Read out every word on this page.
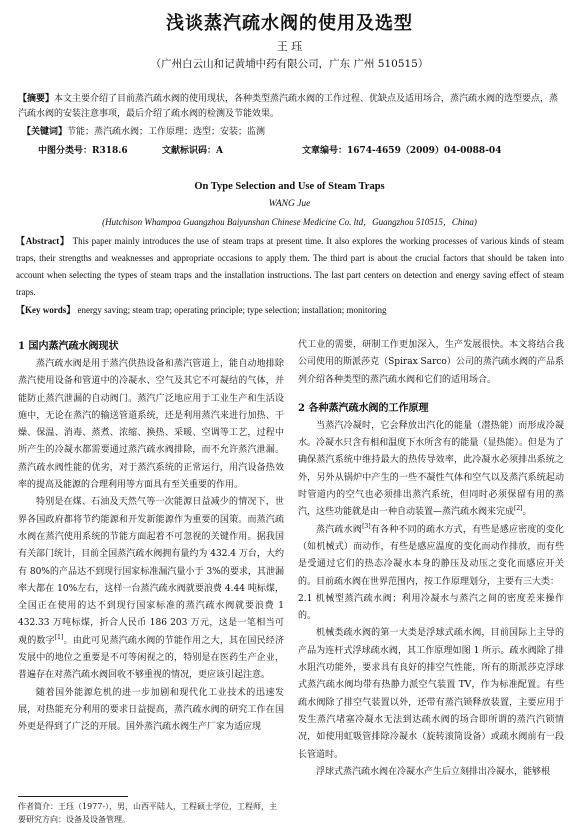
浅谈蒸汽疏水阀的使用及选型
王 珏
（广州白云山和记黄埔中药有限公司，广东 广州 510515）
【摘要】本文主要介绍了目前蒸汽疏水阀的使用现状，各种类型蒸汽疏水阀的工作过程、优缺点及适用场合，蒸汽疏水阀的选型要点，蒸汽疏水阀的安装注意事项，最后介绍了疏水阀的检测及节能效果。
【关键词】节能；蒸汽疏水阀；工作原理；选型；安装；监测
中图分类号：R318.6	文献标识码：A	文章编号：1674-4659（2009）04-0088-04
On Type Selection and Use of Steam Traps
WANG Jue
(Hutchison Whampoa Guangzhou Baiyunshan Chinese Medicine Co. ltd，Guangzhou 510515，China)
【Abstract】 This paper mainly introduces the use of steam traps at present time. It also explores the working processes of various kinds of steam traps, their strengths and weaknesses and appropriate occasions to apply them. The third part is about the crucial factors that should be taken into account when selecting the types of steam traps and the installation instructions. The last part centers on detection and energy saving effect of steam traps.
【Key words】 energy saving; steam trap; operating principle; type selection; installation; monitoring
1 国内蒸汽疏水阀现状

蒸汽疏水阀是用于蒸汽供热设备和蒸汽管道上，能自动地排除蒸汽使用设备和管道中的冷凝水、空气及其它不可凝结的气体，并能防止蒸汽泄漏的自动阀门。蒸汽广泛地应用于工业生产和生活设施中，无论在蒸汽的输送管道系统，还是利用蒸汽来进行加热、干燥、保温、消毒、蒸煮、浓缩、换热、采暖、空调等工艺，过程中所产生的冷凝水都需要通过蒸汽疏水阀排除，而不允许蒸汽泄漏。蒸汽疏水阀性能的优劣，对于蒸汽系统的正常运行，用汽设备热效率的提高及能源的合理利用等方面具有至关重要的作用。

特别是在煤、石油及天然气等一次能源日益减少的情况下，世界各国政府都将节约能源和开发新能源作为重要的国策。而蒸汽疏水阀在蒸汽使用系统的节能方面起着不可忽视的关键作用。据我国有关部门统计，目前全国蒸汽疏水阀拥有量约为 432.4 万台，大约有 80%的产品达不到现行国家标准漏汽量小于 3%的要求，其泄漏率大都在 10%左右，这样一台蒸汽疏水阀就要浪费 4.44 吨标煤，全国正在使用的达不到现行国家标准的蒸汽疏水阀就要浪费 1 432.33 万吨标煤，折合人民币 186 203 万元，这是一笔相当可观的数字[1]。由此可见蒸汽疏水阀的节能作用之大，其在国民经济发展中的地位之重要是不可等闲视之的，特别是在医药生产企业，普遍存在对蒸汽疏水阀回收不够重视的情况，更应该引起注意。

随着国外能源危机的进一步加剧和现代化工业技术的迅速发展，对热能充分利用的要求日益提高，蒸汽疏水阀的研究工作在国外更是得到了广泛的开展。国外蒸汽疏水阀生产厂家为适应现

代工业的需要，研制工作更加深入，生产发展很快。本文将结合我公司使用的斯派莎克（Spirax Sarco）公司的蒸汽疏水阀的产品系列介绍各种类型的蒸汽疏水阀和它们的适用场合。

2 各种蒸汽疏水阀的工作原理

当蒸汽冷凝时，它会释放出汽化的能量（潜热能）而形成冷凝水。冷凝水只含有相和温度下水所含有的能量（显热能）。但是为了确保蒸汽系统中维持最大的热传导效率，此冷凝水必须排出系统之外，另外从锅炉中产生的一些不凝性气体和空气以及蒸汽系统起动时管道内的空气也必须排出蒸汽系统，但同时必须保留有用的蒸汽，这些功能就是由一种自动装置—蒸汽疏水阀来完成[2]。

蒸汽疏水阀[3]有各种不同的疏水方式，有些是感应密度的变化（如机械式）而动作，有些是感应温度的变化而动作排放，而有些是受通过它们的热态冷凝水本身的静压及动压之变化而感应开关的。目前疏水阀在世界范围内，按工作原理划分，主要有三大类：

2.1 机械型蒸汽疏水阀；利用冷凝水与蒸汽之间的密度差来操作的。

机械类疏水阀的第一大类是浮球式疏水阀，目前国际上主导的产品为连杆式浮球疏水阀，其工作原理如图 1 所示。疏水阀除了排水阻汽功能外，要求具有良好的排空气性能，所有的斯派莎克浮球式蒸汽疏水阀均带有热静力派空气装置 TV，作为标准配置。有些疏水阀除了排空气装置以外，还带有蒸汽锁释放装置，主要应用于发生蒸汽堵塞冷凝水无法到达疏水阀的场合即所谓的蒸汽汽锁情况，如使用虹吸管排除冷凝水（旋转滚筒设备）或疏水阀前有一段长管道时。

浮球式蒸汽疏水阀在冷凝水产生后立刻排出冷凝水，能够根

作者简介：王珏（1977-），男，山西平陆人，工程硕士学位，工程师，主要研究方向：设备及设备管理。
